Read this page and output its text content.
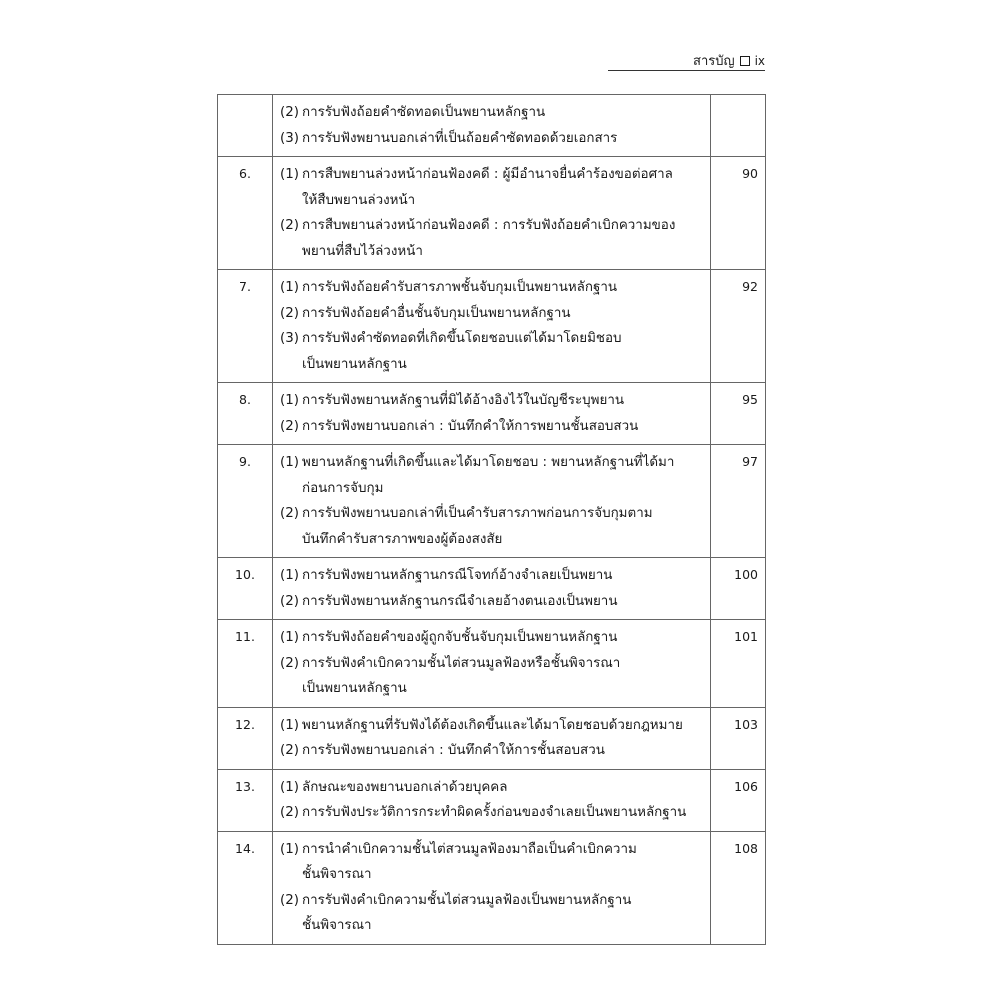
สารบัญ ix

	(2) การรับฟังถ้อยคำซัดทอดเป็นพยานหลักฐาน
(3) การรับฟังพยานบอกเล่าที่เป็นถ้อยคำซัดทอดด้วยเอกสาร	

6.	(1) การสืบพยานล่วงหน้าก่อนฟ้องคดี : ผู้มีอำนาจยื่นคำร้องขอต่อศาล
ให้สืบพยานล่วงหน้า
(2) การสืบพยานล่วงหน้าก่อนฟ้องคดี : การรับฟังถ้อยคำเบิกความของ
พยานที่สืบไว้ล่วงหน้า	90
7.	(1) การรับฟังถ้อยคำรับสารภาพชั้นจับกุมเป็นพยานหลักฐาน
(2) การรับฟังถ้อยคำอื่นชั้นจับกุมเป็นพยานหลักฐาน
(3) การรับฟังคำซัดทอดที่เกิดขึ้นโดยชอบแต่ได้มาโดยมิชอบ
เป็นพยานหลักฐาน	92
8.	(1) การรับฟังพยานหลักฐานที่มิได้อ้างอิงไว้ในบัญชีระบุพยาน
(2) การรับฟังพยานบอกเล่า : บันทึกคำให้การพยานชั้นสอบสวน	95
9.	(1) พยานหลักฐานที่เกิดขึ้นและได้มาโดยชอบ : พยานหลักฐานที่ได้มา
ก่อนการจับกุม
(2) การรับฟังพยานบอกเล่าที่เป็นคำรับสารภาพก่อนการจับกุมตาม
บันทึกคำรับสารภาพของผู้ต้องสงสัย	97
10.	(1) การรับฟังพยานหลักฐานกรณีโจทก์อ้างจำเลยเป็นพยาน
(2) การรับฟังพยานหลักฐานกรณีจำเลยอ้างตนเองเป็นพยาน	100
11.	(1) การรับฟังถ้อยคำของผู้ถูกจับชั้นจับกุมเป็นพยานหลักฐาน
(2) การรับฟังคำเบิกความชั้นไต่สวนมูลฟ้องหรือชั้นพิจารณา
เป็นพยานหลักฐาน	101
12.	(1) พยานหลักฐานที่รับฟังได้ต้องเกิดขึ้นและได้มาโดยชอบด้วยกฎหมาย
(2) การรับฟังพยานบอกเล่า : บันทึกคำให้การชั้นสอบสวน	103
13.	(1) ลักษณะของพยานบอกเล่าด้วยบุคคล
(2) การรับฟังประวัติการกระทำผิดครั้งก่อนของจำเลยเป็นพยานหลักฐาน	106
14.	(1) การนำคำเบิกความชั้นไต่สวนมูลฟ้องมาถือเป็นคำเบิกความ
ชั้นพิจารณา
(2) การรับฟังคำเบิกความชั้นไต่สวนมูลฟ้องเป็นพยานหลักฐาน
ชั้นพิจารณา	108
